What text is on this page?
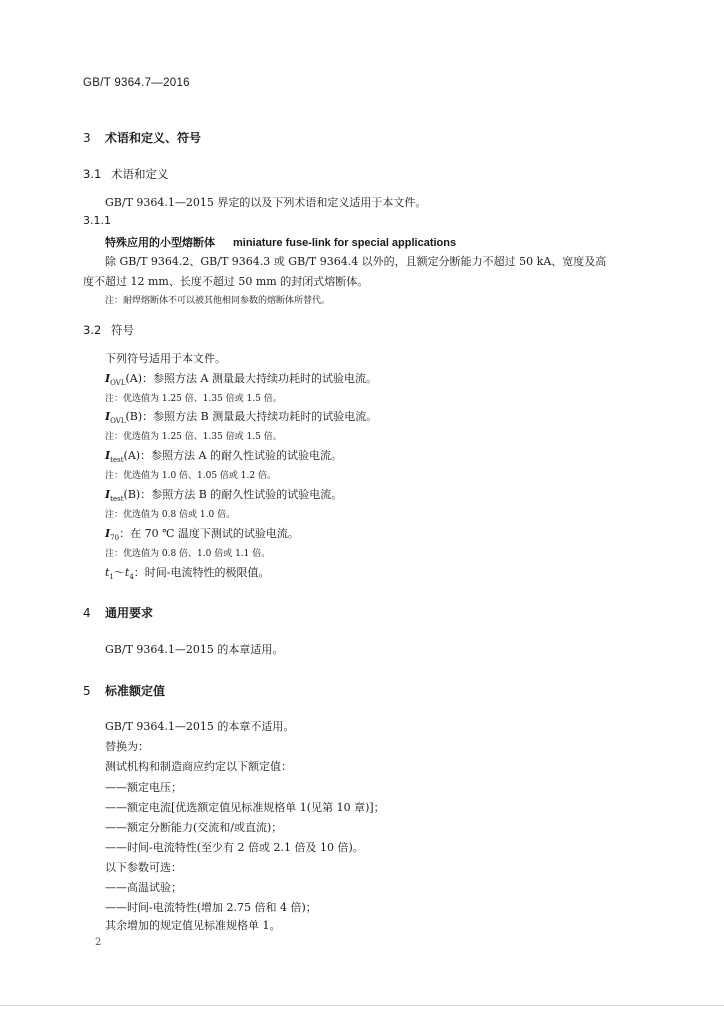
GB/T 9364.7—2016
3 术语和定义、符号
3.1 术语和定义
GB/T 9364.1—2015 界定的以及下列术语和定义适用于本文件。
3.1.1
特殊应用的小型熔断体 miniature fuse-link for special applications
除 GB/T 9364.2、GB/T 9364.3 或 GB/T 9364.4 以外的，且额定分断能力不超过 50 kA、宽度及高
度不超过 12 mm、长度不超过 50 mm 的封闭式熔断体。
注：耐焊熔断体不可以被其他相同参数的熔断体所替代。
3.2 符号
下列符号适用于本文件。
$I_{OVL}(A)$：参照方法 A 测量最大持续功耗时的试验电流。
注：优选值为 1.25 倍、1.35 倍或 1.5 倍。
$I_{OVL}(B)$：参照方法 B 测量最大持续功耗时的试验电流。
注：优选值为 1.25 倍、1.35 倍或 1.5 倍。
$I_{test}(A)$：参照方法 A 的耐久性试验的试验电流。
注：优选值为 1.0 倍、1.05 倍或 1.2 倍。
$I_{test}(B)$：参照方法 B 的耐久性试验的试验电流。
注：优选值为 0.8 倍或 1.0 倍。
$I_{70}$：在 70 ℃ 温度下测试的试验电流。
注：优选值为 0.8 倍、1.0 倍或 1.1 倍。
$t_1\sim t_4$：时间-电流特性的极限值。
4 通用要求
GB/T 9364.1—2015 的本章适用。
5 标准额定值
GB/T 9364.1—2015 的本章不适用。
替换为：
测试机构和制造商应约定以下额定值：
——额定电压；
——额定电流[优选额定值见标准规格单 1(见第 10 章)]；
——额定分断能力(交流和/或直流)；
——时间-电流特性(至少有 2 倍或 2.1 倍及 10 倍)。
以下参数可选：
——高温试验；
——时间-电流特性(增加 2.75 倍和 4 倍)；
其余增加的规定值见标准规格单 1。
2
